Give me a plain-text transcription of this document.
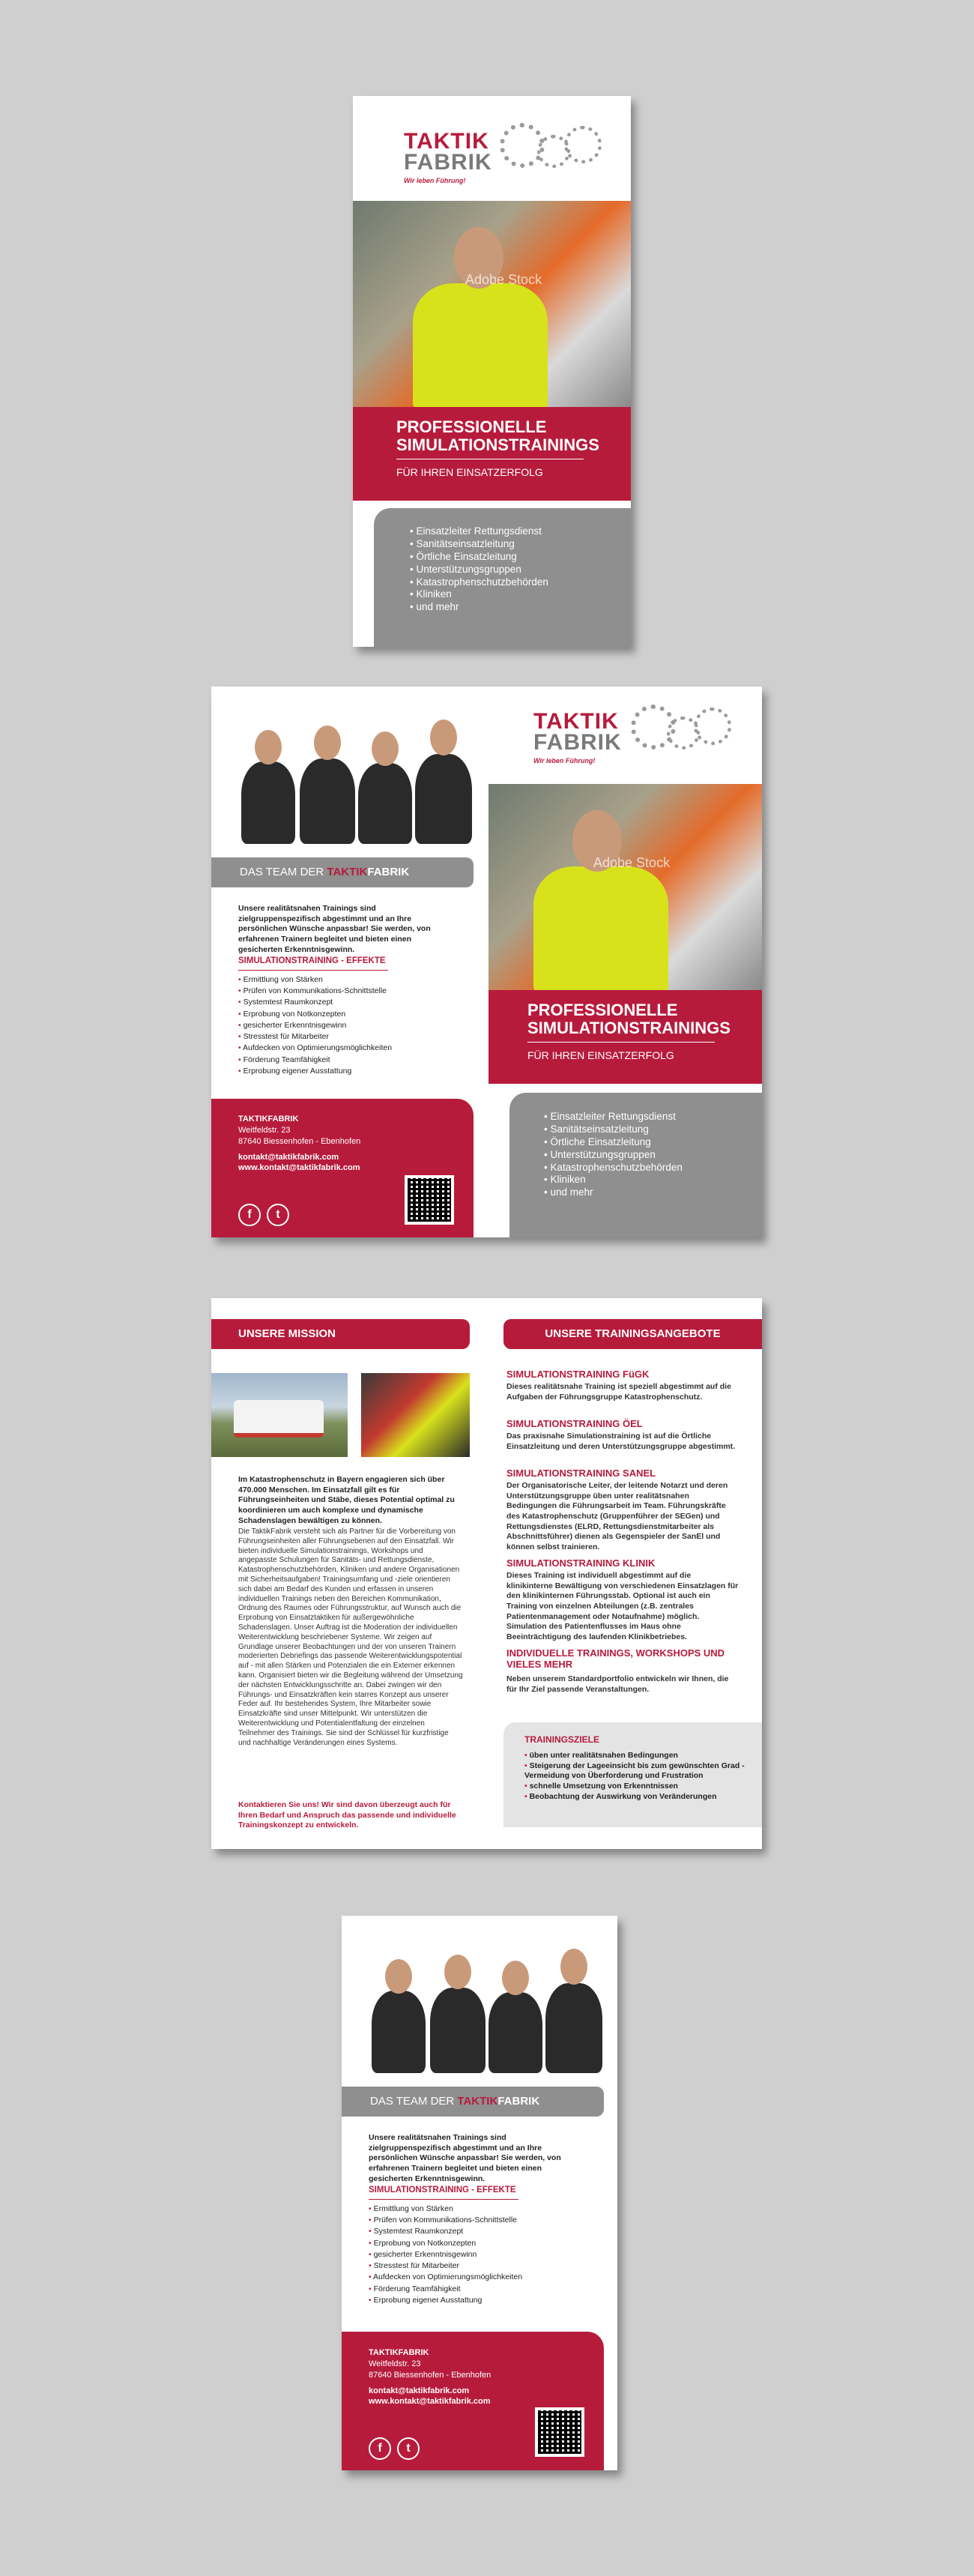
TAKTIK
FABRIK
Wir leben Führung!
Adobe Stock
PROFESSIONELLE
SIMULATIONSTRAININGS
FÜR IHREN EINSATZERFOLG
• Einsatzleiter Rettungsdienst
• Sanitätseinsatzleitung
• Örtliche Einsatzleitung
• Unterstützungsgruppen
• Katastrophenschutzbehörden
• Kliniken
• und mehr
DAS TEAM DER TAKTIKFABRIK
Unsere realitätsnahen Trainings sind zielgruppenspezifisch abgestimmt und an Ihre persönlichen Wünsche anpassbar! Sie werden, von erfahrenen Trainern begleitet und bieten einen gesicherten Erkenntnisgewinn.
SIMULATIONSTRAINING - EFFEKTE
• Ermittlung von Stärken
• Prüfen von Kommunikations-Schnittstelle
• Systemtest Raumkonzept
• Erprobung von Notkonzepten
• gesicherter Erkenntnisgewinn
• Stresstest für Mitarbeiter
• Aufdecken von Optimierungsmöglichkeiten
• Förderung Teamfähigkeit
• Erprobung eigener Ausstattung
TAKTIKFABRIK
Weitfeldstr. 23
87640 Biessenhofen - Ebenhofen
kontakt@taktikfabrik.com
www.kontakt@taktikfabrik.com
f	t
TAKTIK
FABRIK
Wir leben Führung!
Adobe Stock
PROFESSIONELLE
SIMULATIONSTRAININGS
FÜR IHREN EINSATZERFOLG
• Einsatzleiter Rettungsdienst
• Sanitätseinsatzleitung
• Örtliche Einsatzleitung
• Unterstützungsgruppen
• Katastrophenschutzbehörden
• Kliniken
• und mehr
UNSERE MISSION
Im Katastrophenschutz in Bayern engagieren sich über 470.000 Menschen. Im Einsatzfall gilt es für Führungseinheiten und Stäbe, dieses Potential optimal zu koordinieren um auch komplexe und dynamische Schadenslagen bewältigen zu können.
Die TaktikFabrik versteht sich als Partner für die Vorbereitung von Führungseinheiten aller Führungsebenen auf den Einsatzfall. Wir bieten individuelle Simulationstrainings, Workshops und angepasste Schulungen für Sanitäts- und Rettungsdienste, Katastrophenschutzbehörden, Kliniken und andere Organisationen mit Sicherheitsaufgaben! Trainingsumfang und -ziele orientieren sich dabei am Bedarf des Kunden und erfassen in unseren individuellen Trainings neben den Bereichen Kommunikation, Ordnung des Raumes oder Führungsstruktur, auf Wunsch auch die Erprobung von Einsatztaktiken für außergewöhnliche Schadenslagen. Unser Auftrag ist die Moderation der individuellen Weiterentwicklung beschriebener Systeme. Wir zeigen auf Grundlage unserer Beobachtungen und der von unseren Trainern moderierten Debriefings das passende Weiterentwicklungspotential auf - mit allen Stärken und Potenzialen die ein Externer erkennen kann. Organisiert bieten wir die Begleitung während der Umsetzung der nächsten Entwicklungsschritte an. Dabei zwingen wir den Führungs- und Einsatzkräften kein starres Konzept aus unserer Feder auf. Ihr bestehendes System, Ihre Mitarbeiter sowie Einsatzkräfte sind unser Mittelpunkt. Wir unterstützen die Weiterentwicklung und Potentialentfaltung der einzelnen Teilnehmer des Trainings. Sie sind der Schlüssel für kurzfristige und nachhaltige Veränderungen eines Systems.
Kontaktieren Sie uns! Wir sind davon überzeugt auch für Ihren Bedarf und Anspruch das passende und individuelle Trainingskonzept zu entwickeln.
UNSERE TRAININGSANGEBOTE
SIMULATIONSTRAINING FüGK
Dieses realitätsnahe Training ist speziell abgestimmt auf die Aufgaben der Führungsgruppe Katastrophenschutz.
SIMULATIONSTRAINING ÖEL
Das praxisnahe Simulationstraining ist auf die Örtliche Einsatzleitung und deren Unterstützungsgruppe abgestimmt.
SIMULATIONSTRAINING SANEL
Der Organisatorische Leiter, der leitende Notarzt und deren Unterstützungsgruppe üben unter realitätsnahen Bedingungen die Führungsarbeit im Team. Führungskräfte des Katastrophenschutz (Gruppenführer der SEGen) und Rettungsdienstes (ELRD, Rettungsdienstmitarbeiter als Abschnittsführer) dienen als Gegenspieler der SanEl und können selbst trainieren.
SIMULATIONSTRAINING KLINIK
Dieses Training ist individuell abgestimmt auf die klinikinterne Bewältigung von verschiedenen Einsatzlagen für den klinikinternen Führungsstab. Optional ist auch ein Training von einzelnen Abteilungen (z.B. zentrales Patientenmanagement oder Notaufnahme) möglich. Simulation des Patientenflusses im Haus ohne Beeinträchtigung des laufenden Klinikbetriebes.
INDIVIDUELLE TRAININGS, WORKSHOPS UND VIELES MEHR
Neben unserem Standardportfolio entwickeln wir Ihnen, die für Ihr Ziel passende Veranstaltungen.
TRAININGSZIELE
• üben unter realitätsnahen Bedingungen
• Steigerung der Lageeinsicht bis zum gewünschten Grad - Vermeidung von Überforderung und Frustration
• schnelle Umsetzung von Erkenntnissen
• Beobachtung der Auswirkung von Veränderungen
DAS TEAM DER TAKTIKFABRIK
Unsere realitätsnahen Trainings sind zielgruppenspezifisch abgestimmt und an Ihre persönlichen Wünsche anpassbar! Sie werden, von erfahrenen Trainern begleitet und bieten einen gesicherten Erkenntnisgewinn.
SIMULATIONSTRAINING - EFFEKTE
• Ermittlung von Stärken
• Prüfen von Kommunikations-Schnittstelle
• Systemtest Raumkonzept
• Erprobung von Notkonzepten
• gesicherter Erkenntnisgewinn
• Stresstest für Mitarbeiter
• Aufdecken von Optimierungsmöglichkeiten
• Förderung Teamfähigkeit
• Erprobung eigener Ausstattung
TAKTIKFABRIK
Weitfeldstr. 23
87640 Biessenhofen - Ebenhofen
kontakt@taktikfabrik.com
www.kontakt@taktikfabrik.com
f	t
